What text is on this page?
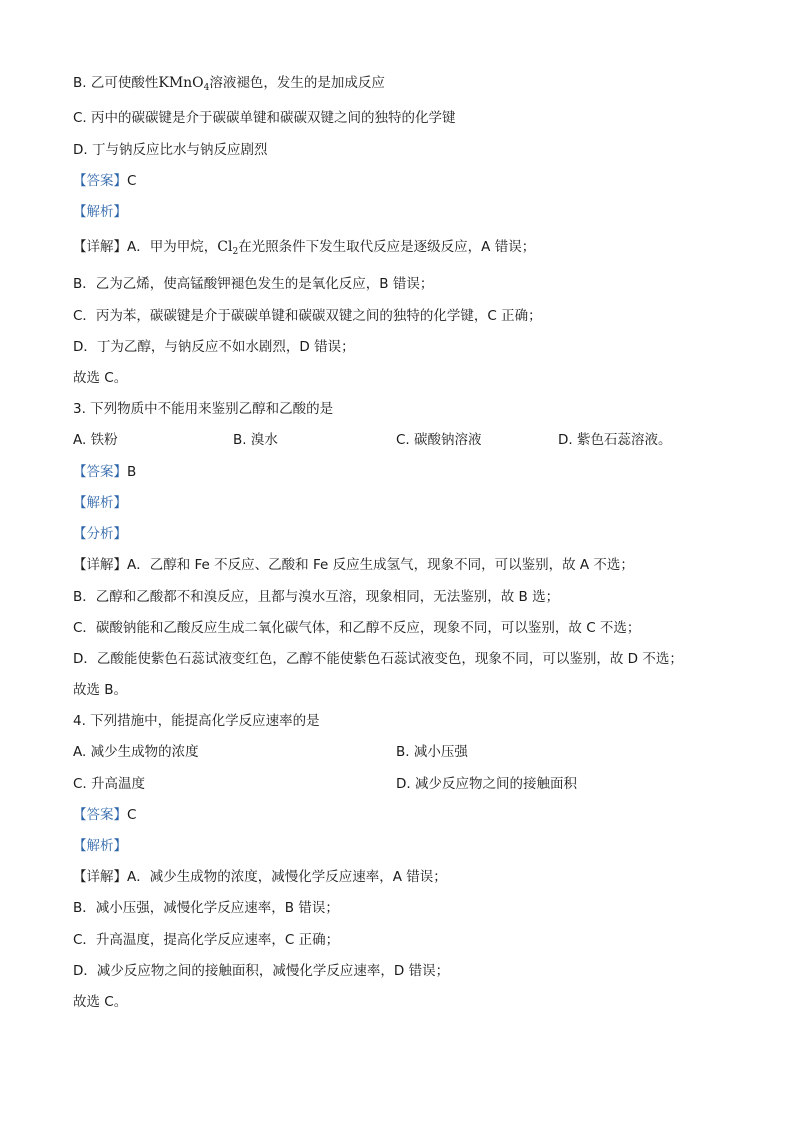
B. 乙可使酸性KMnO$_4$溶液褪色，发生的是加成反应
C. 丙中的碳碳键是介于碳碳单键和碳碳双键之间的独特的化学键
D. 丁与钠反应比水与钠反应剧烈
【答案】C
【解析】
【详解】A．甲为甲烷，$Cl_2$在光照条件下发生取代反应是逐级反应，A 错误；
B．乙为乙烯，使高锰酸钾褪色发生的是氧化反应，B 错误；
C．丙为苯，碳碳键是介于碳碳单键和碳碳双键之间的独特的化学键，C 正确；
D．丁为乙醇，与钠反应不如水剧烈，D 错误；
故选 C。
3. 下列物质中不能用来鉴别乙醇和乙酸的是
A. 铁粉	B. 溴水	C. 碳酸钠溶液	D. 紫色石蕊溶液。
【答案】B
【解析】
【分析】
【详解】A．乙醇和 Fe 不反应、乙酸和 Fe 反应生成氢气，现象不同，可以鉴别，故 A 不选；
B．乙醇和乙酸都不和溴反应，且都与溴水互溶，现象相同，无法鉴别，故 B 选；
C．碳酸钠能和乙酸反应生成二氧化碳气体，和乙醇不反应，现象不同，可以鉴别，故 C 不选；
D．乙酸能使紫色石蕊试液变红色，乙醇不能使紫色石蕊试液变色，现象不同，可以鉴别，故 D 不选；
故选 B。
4. 下列措施中，能提高化学反应速率的是
A. 减少生成物的浓度	B. 减小压强
C. 升高温度	D. 减少反应物之间的接触面积
【答案】C
【解析】
【详解】A．减少生成物的浓度，减慢化学反应速率，A 错误；
B．减小压强，减慢化学反应速率，B 错误；
C．升高温度，提高化学反应速率，C 正确；
D．减少反应物之间的接触面积，减慢化学反应速率，D 错误；
故选 C。
